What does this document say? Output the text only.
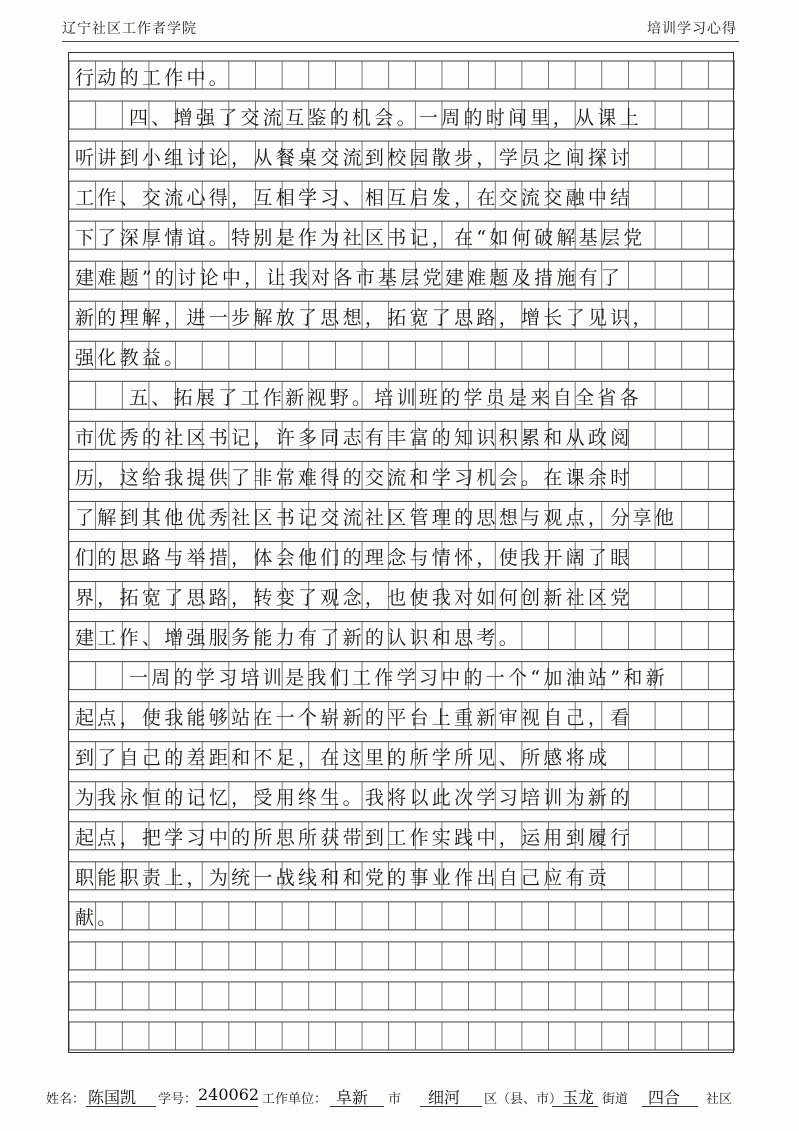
辽宁社区工作者学院	培训学习心得
行动的工作中。
四、增强了交流互鉴的机会。一周的时间里，从课上
听讲到小组讨论，从餐桌交流到校园散步，学员之间探讨
工作、交流心得，互相学习、相互启发，在交流交融中结
下了深厚情谊。特别是作为社区书记，在“如何破解基层党
建难题”的讨论中，让我对各市基层党建难题及措施有了
新的理解，进一步解放了思想，拓宽了思路，增长了见识，
强化教益。
五、拓展了工作新视野。培训班的学员是来自全省各
市优秀的社区书记，许多同志有丰富的知识积累和从政阅
历，这给我提供了非常难得的交流和学习机会。在课余时
了解到其他优秀社区书记交流社区管理的思想与观点，分享他
们的思路与举措，体会他们的理念与情怀，使我开阔了眼
界，拓宽了思路，转变了观念，也使我对如何创新社区党
建工作、增强服务能力有了新的认识和思考。
一周的学习培训是我们工作学习中的一个“加油站”和新
起点，使我能够站在一个崭新的平台上重新审视自己，看
到了自己的差距和不足，在这里的所学所见、所感将成
为我永恒的记忆，受用终生。我将以此次学习培训为新的
起点，把学习中的所思所获带到工作实践中，运用到履行
职能职责上，为统一战线和和党的事业作出自己应有贡
献。
姓名： 陈国凯 学号： 240062 工作单位： 阜新 市 细河 区（县、市） 玉龙 街道 四合 社区
